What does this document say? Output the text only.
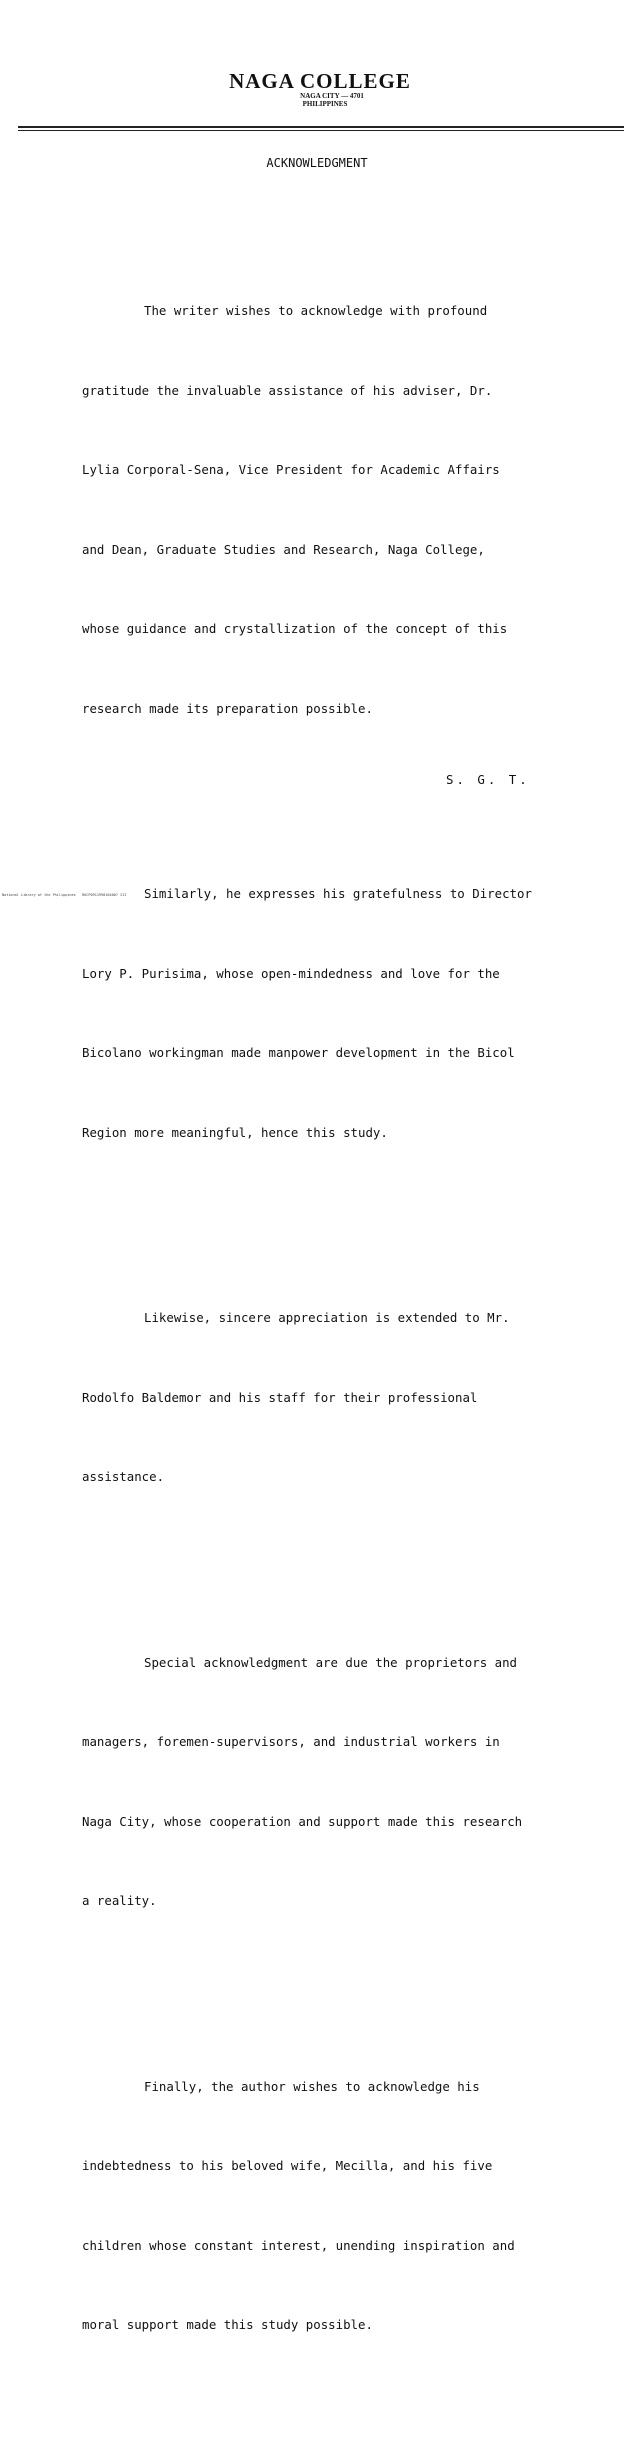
NAGA COLLEGE
NAGA CITY — 4701
PHILIPPINES
ACKNOWLEDGMENT

The writer wishes to acknowledge with profound

gratitude the invaluable assistance of his adviser, Dr.

Lylia Corporal-Sena, Vice President for Academic Affairs

and Dean, Graduate Studies and Research, Naga College,

whose guidance and crystallization of the concept of this

research made its preparation possible.

Similarly, he expresses his gratefulness to Director

Lory P. Purisima, whose open-mindedness and love for the

Bicolano workingman made manpower development in the Bicol

Region more meaningful, hence this study.

Likewise, sincere appreciation is extended to Mr.

Rodolfo Baldemor and his staff for their professional

assistance.

Special acknowledgment are due the proprietors and

managers, foremen-supervisors, and industrial workers in

Naga City, whose cooperation and support made this research

a reality.

Finally, the author wishes to acknowledge his

indebtedness to his beloved wife, Mecilla, and his five

children whose constant interest, unending inspiration and

moral support made this study possible.

S. G. T.
National Library of the Philippines   RUCP0911990104007 III
